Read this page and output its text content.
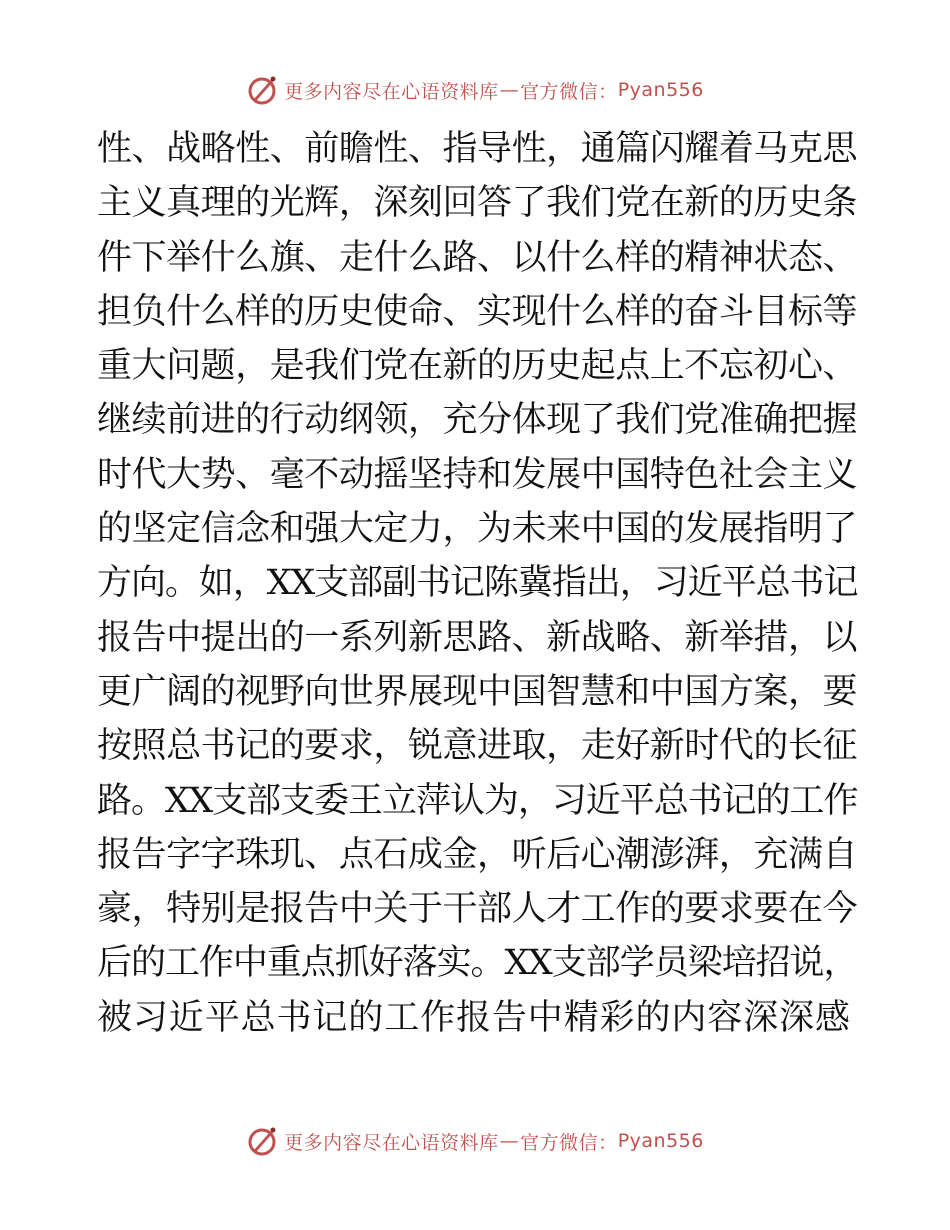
更多内容尽在心语资料库 — 官方微信： Pyan556
性、战略性、前瞻性、指导性，通篇闪耀着马克思
主义真理的光辉，深刻回答了我们党在新的历史条
件下举什么旗、走什么路、以什么样的精神状态、
担负什么样的历史使命、实现什么样的奋斗目标等
重大问题，是我们党在新的历史起点上不忘初心、
继续前进的行动纲领，充分体现了我们党准确把握
时代大势、毫不动摇坚持和发展中国特色社会主义
的坚定信念和强大定力，为未来中国的发展指明了
方向。如，XX支部副书记陈冀指出，习近平总书记
报告中提出的一系列新思路、新战略、新举措，以
更广阔的视野向世界展现中国智慧和中国方案，要
按照总书记的要求，锐意进取，走好新时代的长征
路。XX支部支委王立萍认为，习近平总书记的工作
报告字字珠玑、点石成金，听后心潮澎湃，充满自
豪，特别是报告中关于干部人才工作的要求要在今
后的工作中重点抓好落实。XX支部学员梁培招说，
被习近平总书记的工作报告中精彩的内容深深感
更多内容尽在心语资料库 — 官方微信： Pyan556
